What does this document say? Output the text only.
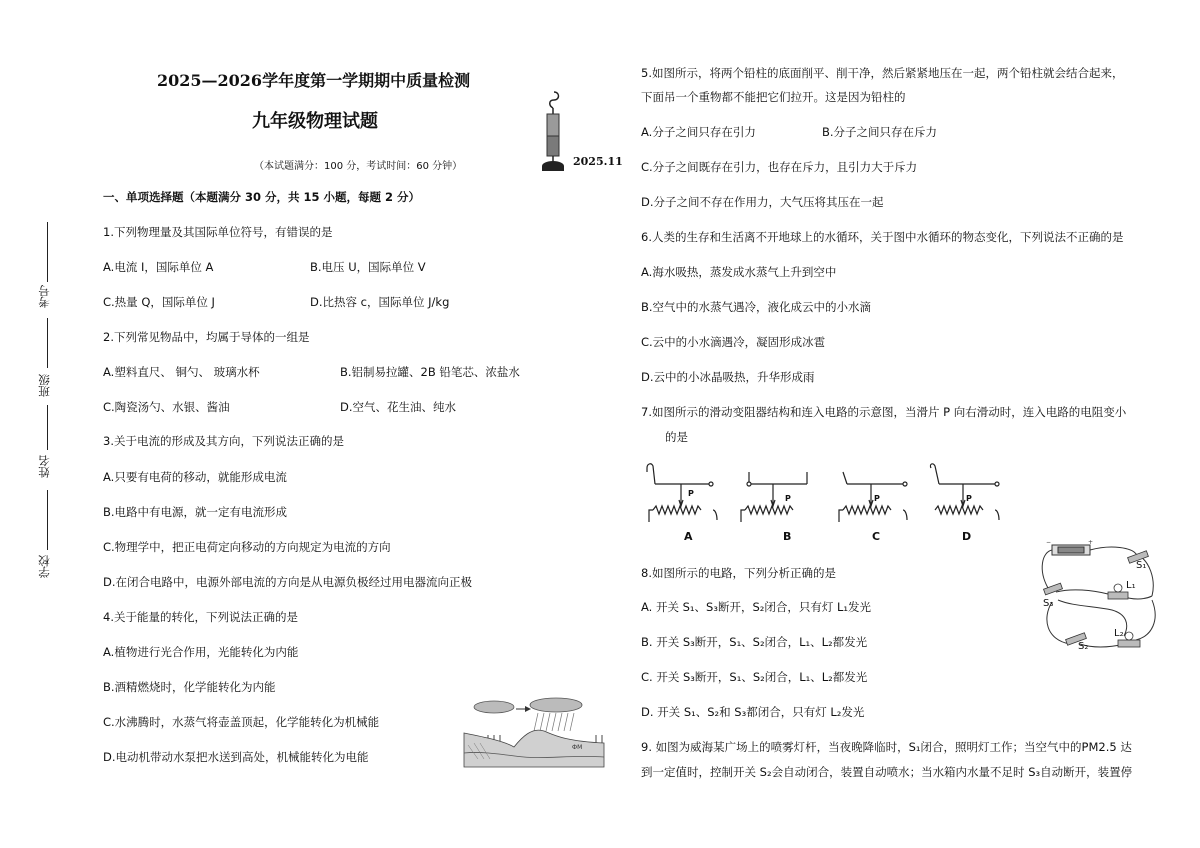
考号
班级
姓名
学校
2025—2026学年度第一学期期中质量检测
九年级物理试题
（本试题满分：100 分，考试时间：60 分钟）	2025.11
一、单项选择题（本题满分 30 分，共 15 小题，每题 2 分）
1.下列物理量及其国际单位符号，有错误的是
A.电流 I，国际单位 A	B.电压 U，国际单位 V
C.热量 Q，国际单位 J	D.比热容 c，国际单位 J/kg
2.下列常见物品中，均属于导体的一组是
A.塑料直尺、 铜勺、 玻璃水杯	B.铝制易拉罐、2B 铅笔芯、浓盐水
C.陶瓷汤勺、水银、酱油	D.空气、花生油、纯水
3.关于电流的形成及其方向，下列说法正确的是
A.只要有电荷的移动，就能形成电流
B.电路中有电源，就一定有电流形成
C.物理学中，把正电荷定向移动的方向规定为电流的方向
D.在闭合电路中，电源外部电流的方向是从电源负极经过用电器流向正极
4.关于能量的转化，下列说法正确的是
A.植物进行光合作用，光能转化为内能
B.酒精燃烧时，化学能转化为内能
C.水沸腾时，水蒸气将壶盖顶起，化学能转化为机械能
D.电动机带动水泵把水送到高处，机械能转化为电能
ФМ
5.如图所示，将两个铅柱的底面削平、削干净，然后紧紧地压在一起，两个铅柱就会结合起来，
下面吊一个重物都不能把它们拉开。这是因为铅柱的
A.分子之间只存在引力	B.分子之间只存在斥力
C.分子之间既存在引力，也存在斥力，且引力大于斥力
D.分子之间不存在作用力，大气压将其压在一起
6.人类的生存和生活离不开地球上的水循环，关于图中水循环的物态变化，下列说法不正确的是
A.海水吸热，蒸发成水蒸气上升到空中
B.空气中的水蒸气遇冷，液化成云中的小水滴
C.云中的小水滴遇冷，凝固形成冰雹
D.云中的小冰晶吸热，升华形成雨
7.如图所示的滑动变阻器结构和连入电路的示意图，当滑片 P 向右滑动时，连入电路的电阻变小
的是
A	B	C	D
P
P	P	P
8.如图所示的电路，下列分析正确的是
A. 开关 S₁、S₃断开，S₂闭合，只有灯 L₁发光
B. 开关 S₃断开，S₁、S₂闭合，L₁、L₂都发光
C. 开关 S₃断开，S₁、S₂闭合，L₁、L₂都发光
D. 开关 S₁、S₂和 S₃都闭合，只有灯 L₂发光
+
−
S₁
L₁
S₃
L₂
S₂
9. 如图为威海某广场上的喷雾灯杆，当夜晚降临时，S₁闭合，照明灯工作；当空气中的PM2.5 达
到一定值时，控制开关 S₂会自动闭合，装置自动喷水；当水箱内水量不足时 S₃自动断开，装置停
